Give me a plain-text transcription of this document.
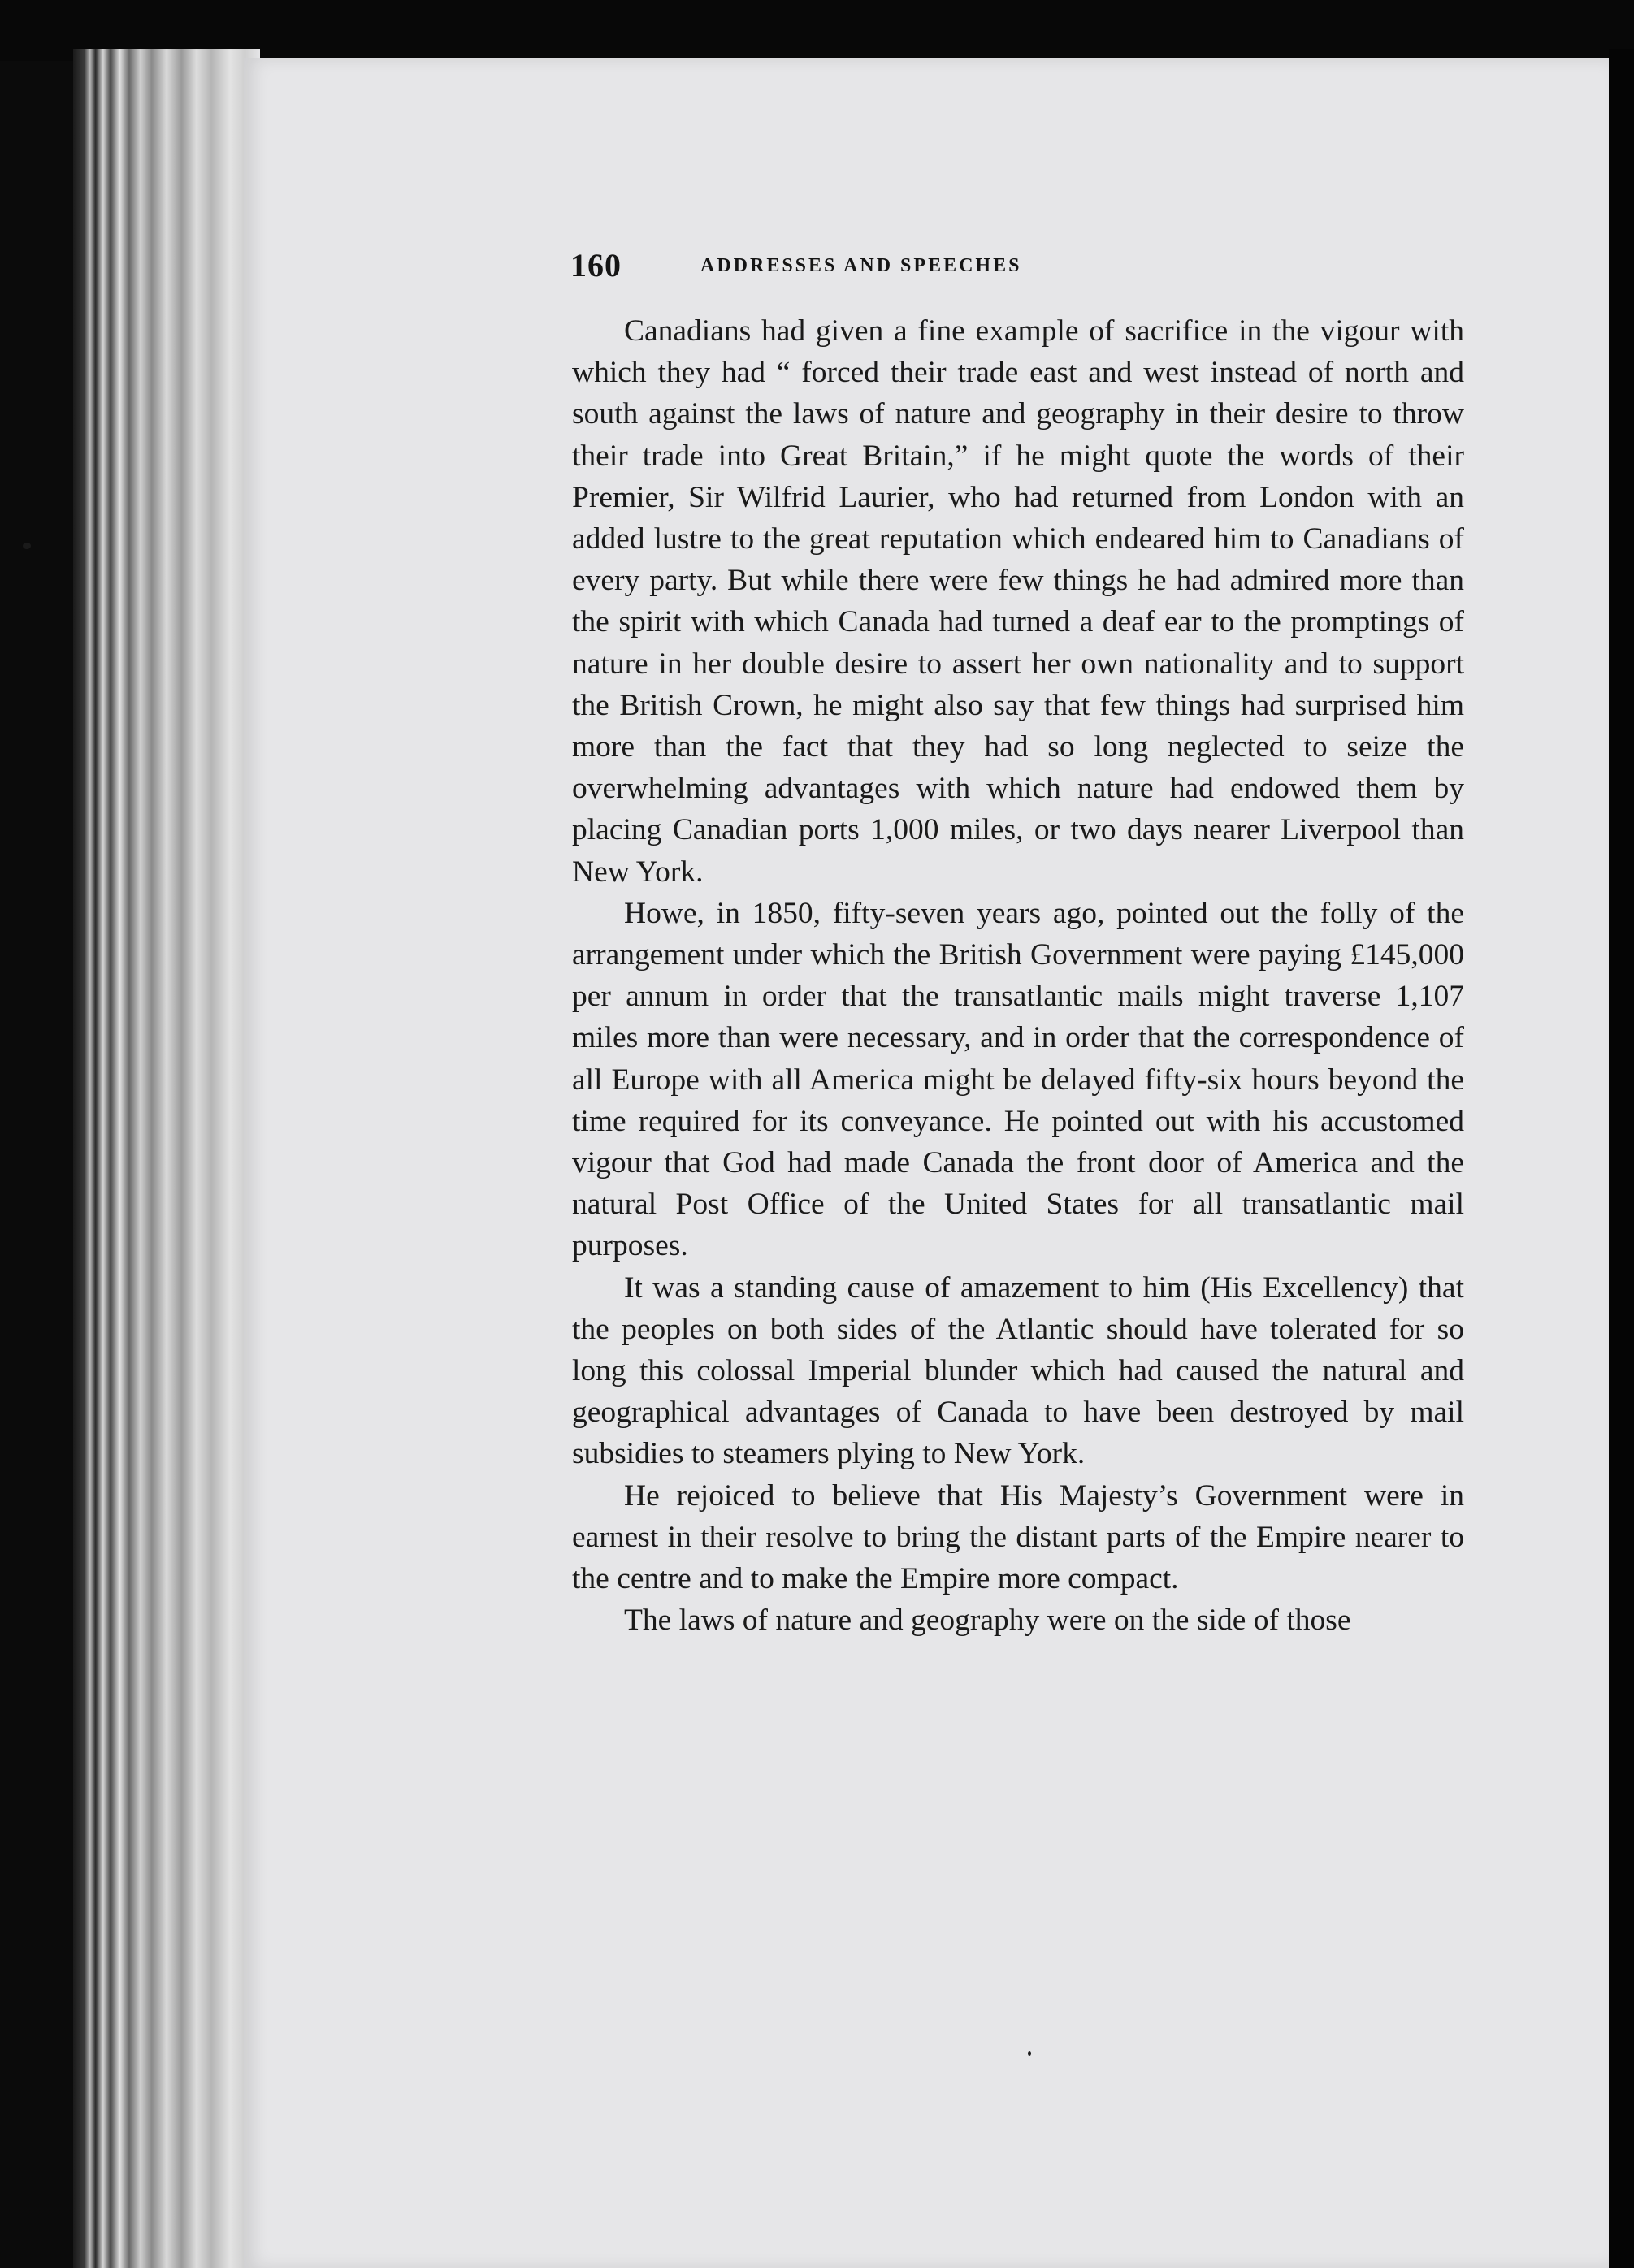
160	ADDRESSES AND SPEECHES

Canadians had given a fine example of sacrifice in the vigour with which they had “ forced their trade east and west instead of north and south against the laws of nature and geography in their desire to throw their trade into Great Britain,” if he might quote the words of their Premier, Sir Wilfrid Laurier, who had returned from London with an added lustre to the great reputation which endeared him to Canadians of every party. But while there were few things he had admired more than the spirit with which Canada had turned a deaf ear to the promptings of nature in her double desire to assert her own nationality and to support the British Crown, he might also say that few things had surprised him more than the fact that they had so long neglected to seize the overwhelming advantages with which nature had endowed them by placing Canadian ports 1,000 miles, or two days nearer Liverpool than New York.

Howe, in 1850, fifty-seven years ago, pointed out the folly of the arrangement under which the British Government were paying £145,000 per annum in order that the transatlantic mails might traverse 1,107 miles more than were necessary, and in order that the correspondence of all Europe with all America might be delayed fifty-six hours beyond the time required for its conveyance. He pointed out with his accustomed vigour that God had made Canada the front door of America and the natural Post Office of the United States for all transatlantic mail purposes.

It was a standing cause of amazement to him (His Excellency) that the peoples on both sides of the Atlantic should have tolerated for so long this colossal Imperial blunder which had caused the natural and geographical advantages of Canada to have been destroyed by mail subsidies to steamers plying to New York.

He rejoiced to believe that His Majesty’s Government were in earnest in their resolve to bring the distant parts of the Empire nearer to the centre and to make the Empire more compact.

The laws of nature and geography were on the side of those
